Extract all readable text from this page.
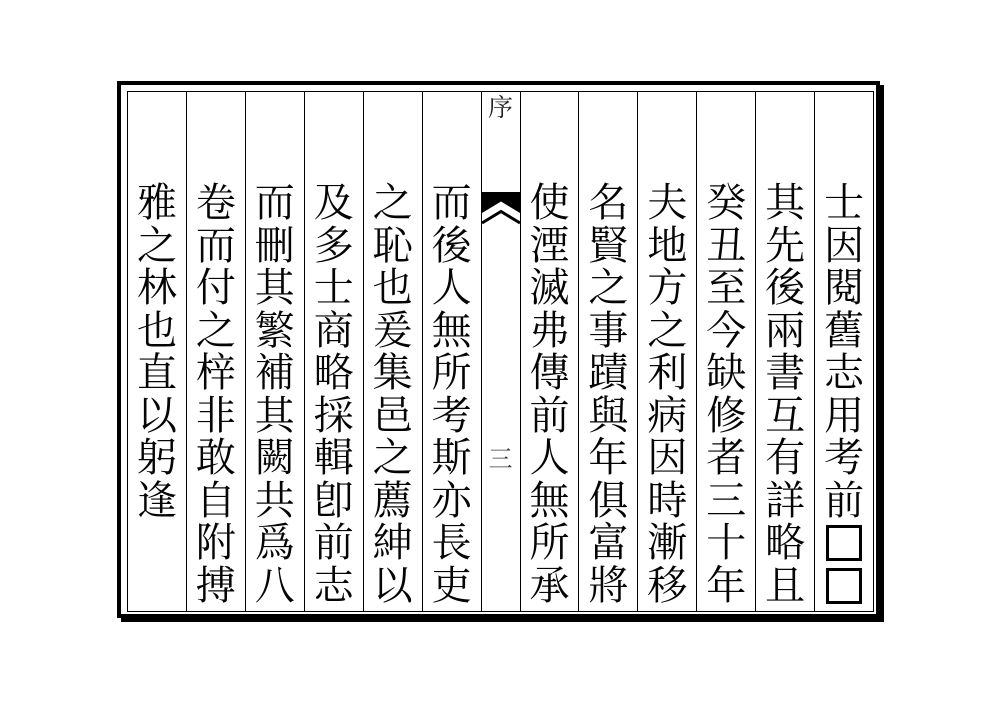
雅
之
林
也
直
以
躬
逢
卷
而
付
之
梓
非
敢
自
附
搏
而
刪
其
繁
補
其
闕
共
爲
八
及
多
士
商
略
採
輯
卽
前
志
之
恥
也
爰
集
邑
之
薦
紳
以
而
後
人
無
所
考
斯
亦
長
吏
序
三
使
湮
滅
弗
傳
前
人
無
所
承
名
賢
之
事
蹟
與
年
俱
富
將
夫
地
方
之
利
病
因
時
漸
移
癸
丑
至
今
缺
修
者
三
十
年
其
先
後
兩
書
互
有
詳
略
且
士
因
閱
舊
志
用
考
前
